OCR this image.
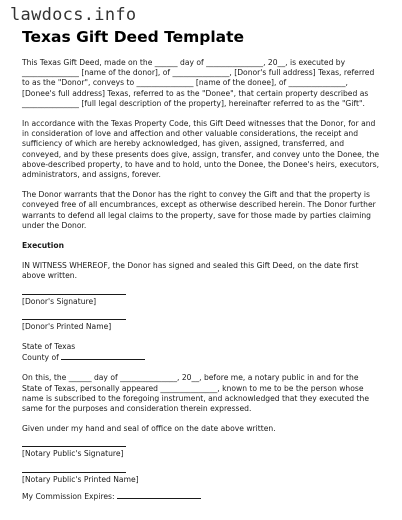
lawdocs.info
Texas Gift Deed Template

This Texas Gift Deed, made on the ______ day of _______________, 20__, is executed by _______________ [name of the donor], of _______________, [Donor's full address] Texas, referred to as the "Donor", conveys to _______________ [name of the donee], of _______________, [Donee's full address] Texas, referred to as the "Donee", that certain property described as _______________ [full legal description of the property], hereinafter referred to as the "Gift".

In accordance with the Texas Property Code, this Gift Deed witnesses that the Donor, for and in consideration of love and affection and other valuable considerations, the receipt and sufficiency of which are hereby acknowledged, has given, assigned, transferred, and conveyed, and by these presents does give, assign, transfer, and convey unto the Donee, the above-described property, to have and to hold, unto the Donee, the Donee's heirs, executors, administrators, and assigns, forever.

The Donor warrants that the Donor has the right to convey the Gift and that the property is conveyed free of all encumbrances, except as otherwise described herein. The Donor further warrants to defend all legal claims to the property, save for those made by parties claiming under the Donor.

Execution

IN WITNESS WHEREOF, the Donor has signed and sealed this Gift Deed, on the date first above written.

[Donor's Signature]
[Donor's Printed Name]

State of Texas
County of

On this, the ______ day of _______________, 20__, before me, a notary public in and for the State of Texas, personally appeared _______________, known to me to be the person whose name is subscribed to the foregoing instrument, and acknowledged that they executed the same for the purposes and consideration therein expressed.

Given under my hand and seal of office on the date above written.

[Notary Public's Signature]
[Notary Public's Printed Name]

My Commission Expires:
